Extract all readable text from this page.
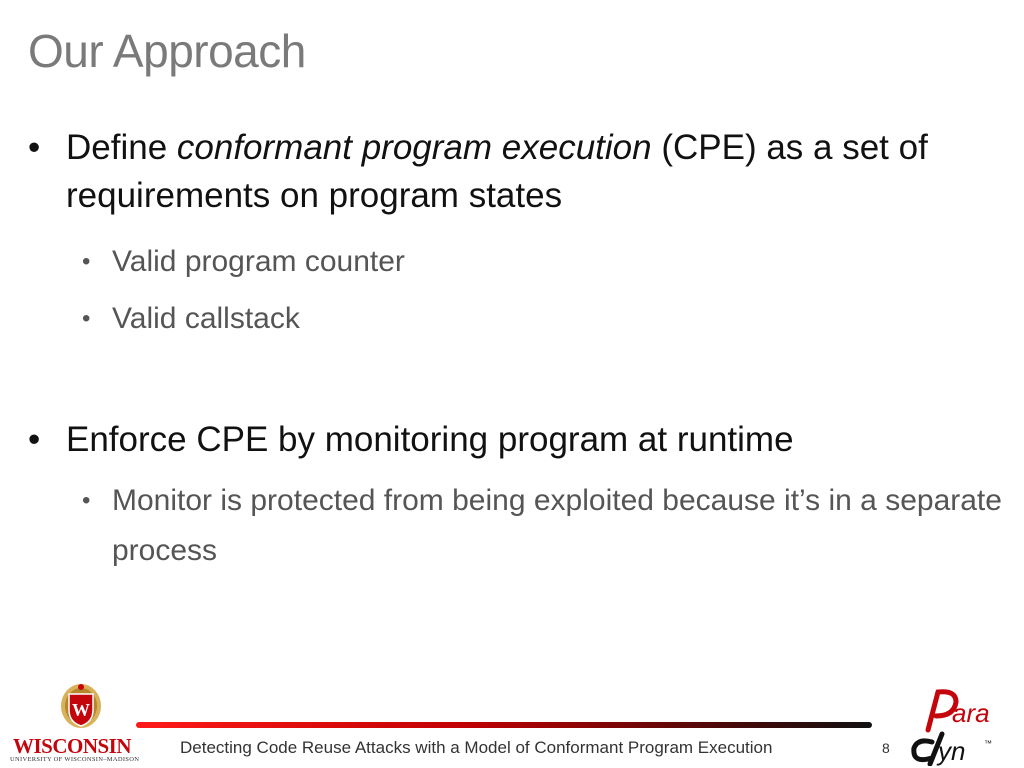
Our Approach
• Define conformant program execution (CPE) as a set of requirements on program states
• Valid program counter
• Valid callstack
• Enforce CPE by monitoring program at runtime
• Monitor is protected from being exploited because it’s in a separate process
W
WISCONSIN
UNIVERSITY OF WISCONSIN–MADISON
Detecting Code Reuse Attacks with a Model of Conformant Program Execution	8
ara
yn ™
